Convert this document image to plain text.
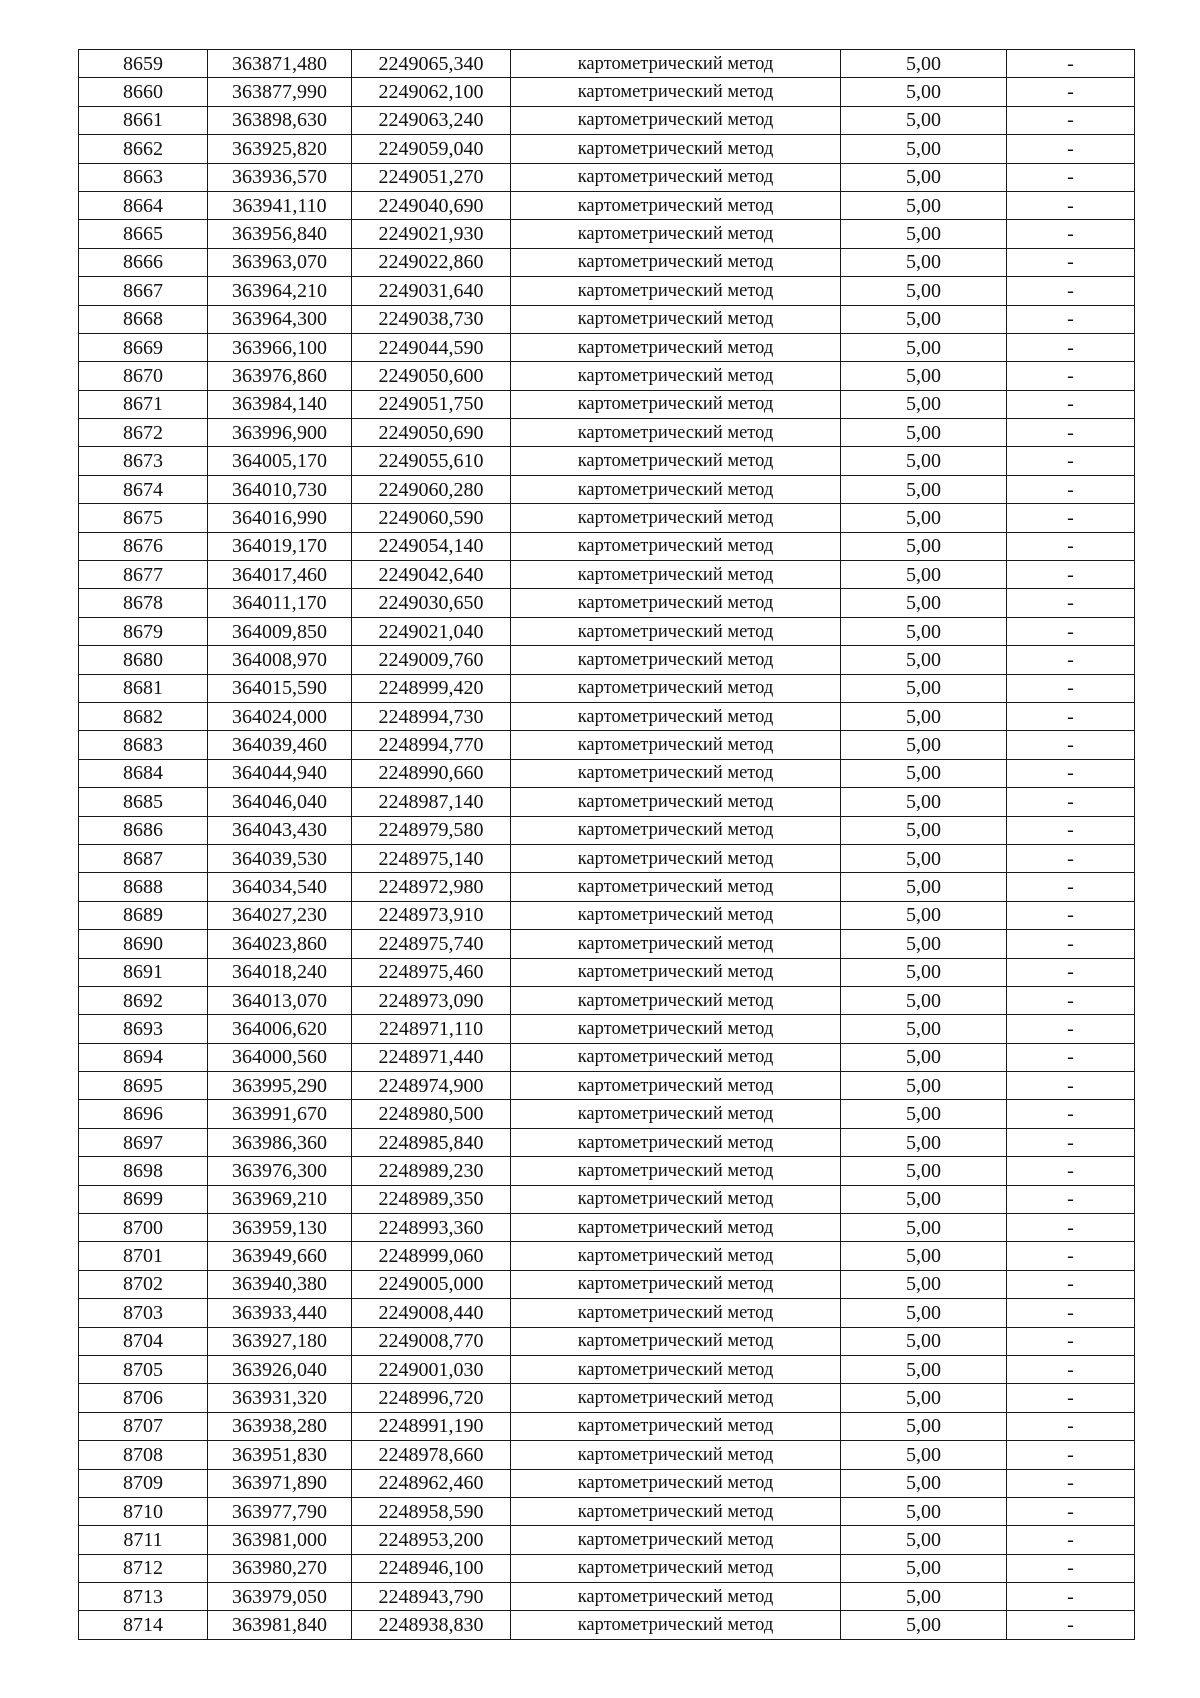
8659	363871,480	2249065,340	картометрический метод	5,00	-
8660	363877,990	2249062,100	картометрический метод	5,00	-
8661	363898,630	2249063,240	картометрический метод	5,00	-
8662	363925,820	2249059,040	картометрический метод	5,00	-
8663	363936,570	2249051,270	картометрический метод	5,00	-
8664	363941,110	2249040,690	картометрический метод	5,00	-
8665	363956,840	2249021,930	картометрический метод	5,00	-
8666	363963,070	2249022,860	картометрический метод	5,00	-
8667	363964,210	2249031,640	картометрический метод	5,00	-
8668	363964,300	2249038,730	картометрический метод	5,00	-
8669	363966,100	2249044,590	картометрический метод	5,00	-
8670	363976,860	2249050,600	картометрический метод	5,00	-
8671	363984,140	2249051,750	картометрический метод	5,00	-
8672	363996,900	2249050,690	картометрический метод	5,00	-
8673	364005,170	2249055,610	картометрический метод	5,00	-
8674	364010,730	2249060,280	картометрический метод	5,00	-
8675	364016,990	2249060,590	картометрический метод	5,00	-
8676	364019,170	2249054,140	картометрический метод	5,00	-
8677	364017,460	2249042,640	картометрический метод	5,00	-
8678	364011,170	2249030,650	картометрический метод	5,00	-
8679	364009,850	2249021,040	картометрический метод	5,00	-
8680	364008,970	2249009,760	картометрический метод	5,00	-
8681	364015,590	2248999,420	картометрический метод	5,00	-
8682	364024,000	2248994,730	картометрический метод	5,00	-
8683	364039,460	2248994,770	картометрический метод	5,00	-
8684	364044,940	2248990,660	картометрический метод	5,00	-
8685	364046,040	2248987,140	картометрический метод	5,00	-
8686	364043,430	2248979,580	картометрический метод	5,00	-
8687	364039,530	2248975,140	картометрический метод	5,00	-
8688	364034,540	2248972,980	картометрический метод	5,00	-
8689	364027,230	2248973,910	картометрический метод	5,00	-
8690	364023,860	2248975,740	картометрический метод	5,00	-
8691	364018,240	2248975,460	картометрический метод	5,00	-
8692	364013,070	2248973,090	картометрический метод	5,00	-
8693	364006,620	2248971,110	картометрический метод	5,00	-
8694	364000,560	2248971,440	картометрический метод	5,00	-
8695	363995,290	2248974,900	картометрический метод	5,00	-
8696	363991,670	2248980,500	картометрический метод	5,00	-
8697	363986,360	2248985,840	картометрический метод	5,00	-
8698	363976,300	2248989,230	картометрический метод	5,00	-
8699	363969,210	2248989,350	картометрический метод	5,00	-
8700	363959,130	2248993,360	картометрический метод	5,00	-
8701	363949,660	2248999,060	картометрический метод	5,00	-
8702	363940,380	2249005,000	картометрический метод	5,00	-
8703	363933,440	2249008,440	картометрический метод	5,00	-
8704	363927,180	2249008,770	картометрический метод	5,00	-
8705	363926,040	2249001,030	картометрический метод	5,00	-
8706	363931,320	2248996,720	картометрический метод	5,00	-
8707	363938,280	2248991,190	картометрический метод	5,00	-
8708	363951,830	2248978,660	картометрический метод	5,00	-
8709	363971,890	2248962,460	картометрический метод	5,00	-
8710	363977,790	2248958,590	картометрический метод	5,00	-
8711	363981,000	2248953,200	картометрический метод	5,00	-
8712	363980,270	2248946,100	картометрический метод	5,00	-
8713	363979,050	2248943,790	картометрический метод	5,00	-
8714	363981,840	2248938,830	картометрический метод	5,00	-
